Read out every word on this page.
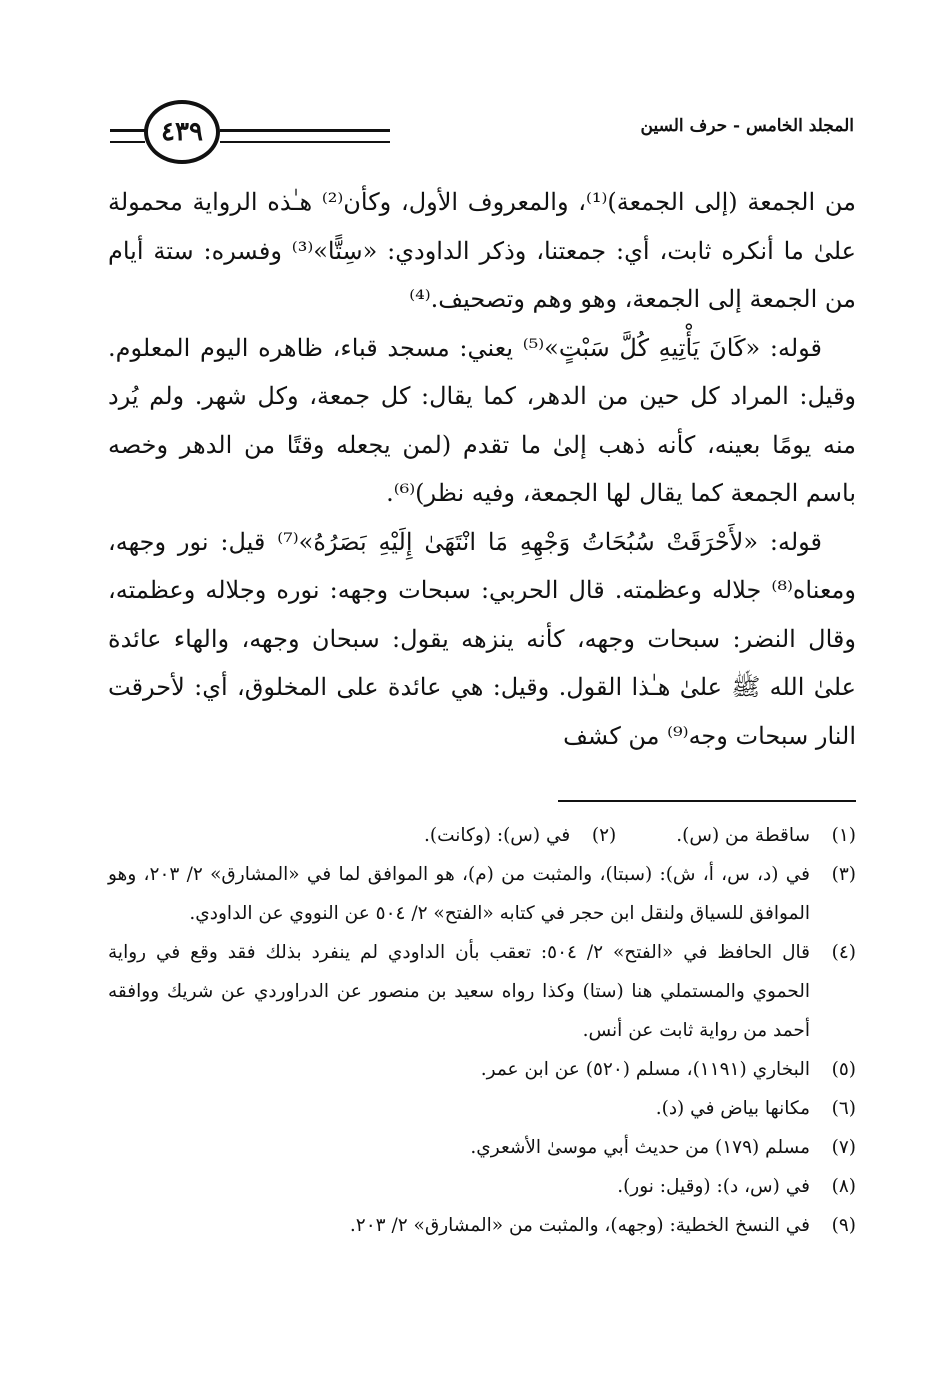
٤٣٩	المجلد الخامس - حرف السين

من الجمعة (إلى الجمعة)⁽¹⁾، والمعروف الأول، وكأن⁽²⁾ هـٰذه الرواية محمولة علىٰ ما أنكره ثابت، أي: جمعتنا، وذكر الداودي: «سِتًّا»⁽³⁾ وفسره: ستة أيام من الجمعة إلى الجمعة، وهو وهم وتصحيف.⁽⁴⁾

قوله: «كَانَ يَأْتِيهِ كُلَّ سَبْتٍ»⁽⁵⁾ يعني: مسجد قباء، ظاهره اليوم المعلوم. وقيل: المراد كل حين من الدهر، كما يقال: كل جمعة، وكل شهر. ولم يُرد منه يومًا بعينه، كأنه ذهب إلىٰ ما تقدم (لمن يجعله وقتًا من الدهر وخصه باسم الجمعة كما يقال لها الجمعة، وفيه نظر)⁽⁶⁾.

قوله: «لأَحْرَقَتْ سُبُحَاتُ وَجْهِهِ مَا انْتَهَىٰ إِلَيْهِ بَصَرُهُ»⁽⁷⁾ قيل: نور وجهه، ومعناه⁽⁸⁾ جلاله وعظمته. قال الحربي: سبحات وجهه: نوره وجلاله وعظمته، وقال النضر: سبحات وجهه، كأنه ينزهه يقول: سبحان وجهه، والهاء عائدة علىٰ الله ﷺ علىٰ هـٰذا القول. وقيل: هي عائدة على المخلوق، أي: لأحرقت النار سبحات وجه⁽⁹⁾ من كشف

(١)
ساقطة من (س).
(٢)
في (س): (وكانت).
(٣)
في (د، س، أ، ش): (سبتا)، والمثبت من (م)، هو الموافق لما في «المشارق» ٢/ ٢٠٣، وهو الموافق للسياق ولنقل ابن حجر في كتابه «الفتح» ٢/ ٥٠٤ عن النووي عن الداودي.
(٤)
قال الحافظ في «الفتح» ٢/ ٥٠٤: تعقب بأن الداودي لم ينفرد بذلك فقد وقع في رواية الحموي والمستملي هنا (ستا) وكذا رواه سعيد بن منصور عن الدراوردي عن شريك ووافقه أحمد من رواية ثابت عن أنس.
(٥)
البخاري (١١٩١)، مسلم (٥٢٠) عن ابن عمر.
(٦)
مكانها بياض في (د).
(٧)
مسلم (١٧٩) من حديث أبي موسىٰ الأشعري.
(٨)
في (س، د): (وقيل: نور).
(٩)
في النسخ الخطية: (وجهه)، والمثبت من «المشارق» ٢/ ٢٠٣.
